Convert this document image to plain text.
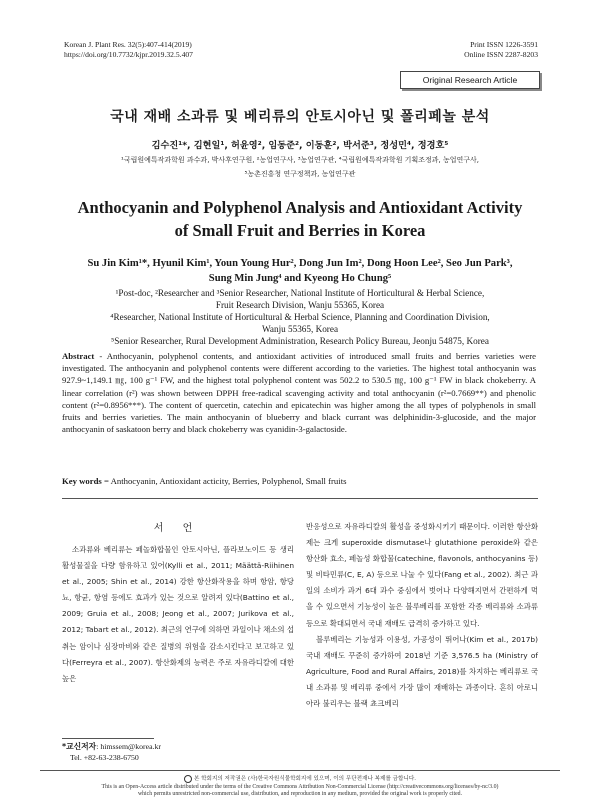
Korean J. Plant Res. 32(5):407-414(2019)
https://doi.org/10.7732/kjpr.2019.32.5.407
Print ISSN 1226-3591
Online ISSN 2287-8203
Original Research Article
국내 재배 소과류 및 베리류의 안토시아닌 및 폴리페놀 분석
김수진¹*, 김현일¹, 허윤영², 임동준², 이동훈², 박서준³, 정성민⁴, 정경호⁵
¹국립원예특작과학원 과수과, 박사후연구원, ²농업연구사, ³농업연구관, ⁴국립원예특작과학원 기획조정과, 농업연구사,
⁵농촌진흥청 연구정책과, 농업연구관
Anthocyanin and Polyphenol Analysis and Antioxidant Activity
of Small Fruit and Berries in Korea
Su Jin Kim¹*, Hyunil Kim¹, Youn Young Hur², Dong Jun Im², Dong Hoon Lee², Seo Jun Park³,
Sung Min Jung⁴ and Kyeong Ho Chung⁵
¹Post-doc, ²Researcher and ³Senior Researcher, National Institute of Horticultural & Herbal Science,
Fruit Research Division, Wanju 55365, Korea
⁴Researcher, National Institute of Horticultural & Herbal Science, Planning and Coordination Division,
Wanju 55365, Korea
⁵Senior Researcher, Rural Development Administration, Research Policy Bureau, Jeonju 54875, Korea
Abstract - Anthocyanin, polyphenol contents, and antioxidant activities of introduced small fruits and berries varieties were investigated. The anthocyanin and polyphenol contents were different according to the varieties. The highest total anthocyanin was 927.9~1,149.1 ㎎, 100 g⁻¹ FW, and the highest total polyphenol content was 502.2 to 530.5 ㎎, 100 g⁻¹ FW in black chokeberry. A linear correlation (r²) was shown between DPPH free-radical scavenging activity and total anthocyanin (r²=0.7669**) and phenolic content (r²=0.8956***). The content of quercetin, catechin and epicatechin was higher among the all types of polyphenols in small fruits and berries varieties. The main anthocyanin of blueberry and black currant was delphinidin-3-glucoside, and the major anthocyanin of saskatoon berry and black chokeberry was cyanidin-3-galactoside.
Key words = Anthocyanin, Antioxidant acticity, Berries, Polyphenol, Small fruits
서 언
소과류와 베리류는 페놀화합물인 안토시아닌, 플라보노이드 등 생리활성물질을 다량 함유하고 있어(Kylli et al., 2011; Määttä-Riihinen et al., 2005; Shin et al., 2014) 강한 항산화작용을 하며 항암, 항당뇨, 항균, 항염 등에도 효과가 있는 것으로 알려져 있다(Battino et al., 2009; Gruia et al., 2008; Jeong et al., 2007; Jurikova et al., 2012; Tabart et al., 2012). 최근의 연구에 의하면 과일이나 채소의 섭취는 암이나 심장마비와 같은 질병의 위험을 감소시킨다고 보고하고 있다(Ferreyra et al., 2007). 항산화제의 능력은 주로 자유라디칼에 대한 높은

반응성으로 자유라디칼의 활성을 중성화시키기 때문이다. 이러한 항산화제는 크게 superoxide dismutase나 glutathione peroxide와 같은 항산화 효소, 페놀성 화합물(catechine, flavonols, anthocyanins 등) 및 비타민류(C, E, A) 등으로 나눌 수 있다(Fang et al., 2002). 최근 과일의 소비가 과거 6대 과수 중심에서 벗어나 다양해지면서 간편하게 먹을 수 있으면서 기능성이 높은 블루베리를 포함한 각종 베리류와 소과류 등으로 확대되면서 국내 재배도 급격히 증가하고 있다.

블루베리는 기능성과 이용성, 가공성이 뛰어나(Kim et al., 2017b) 국내 재배도 꾸준히 증가하여 2018년 기준 3,576.5 ha (Ministry of Agriculture, Food and Rural Affairs, 2018)를 차지하는 베리류로 국내 소과류 및 베리류 중에서 가장 많이 재배하는 과종이다. 흔히 아로니아라 불리우는 블랙 쵸크베리

*교신저자: himssem@korea.kr
Tel. +82-63-238-6750
본 학회지의 저작권은 (사)한국자원식물학회지에 있으며, 이의 무단전재나 복제를 금합니다.
This is an Open-Access article distributed under the terms of the Creative Commons Attribution Non-Commercial License (http://creativecommons.org/licenses/by-nc/3.0)
which permits unrestricted non-commercial use, distribution, and reproduction in any medium, provided the original work is properly cited.
